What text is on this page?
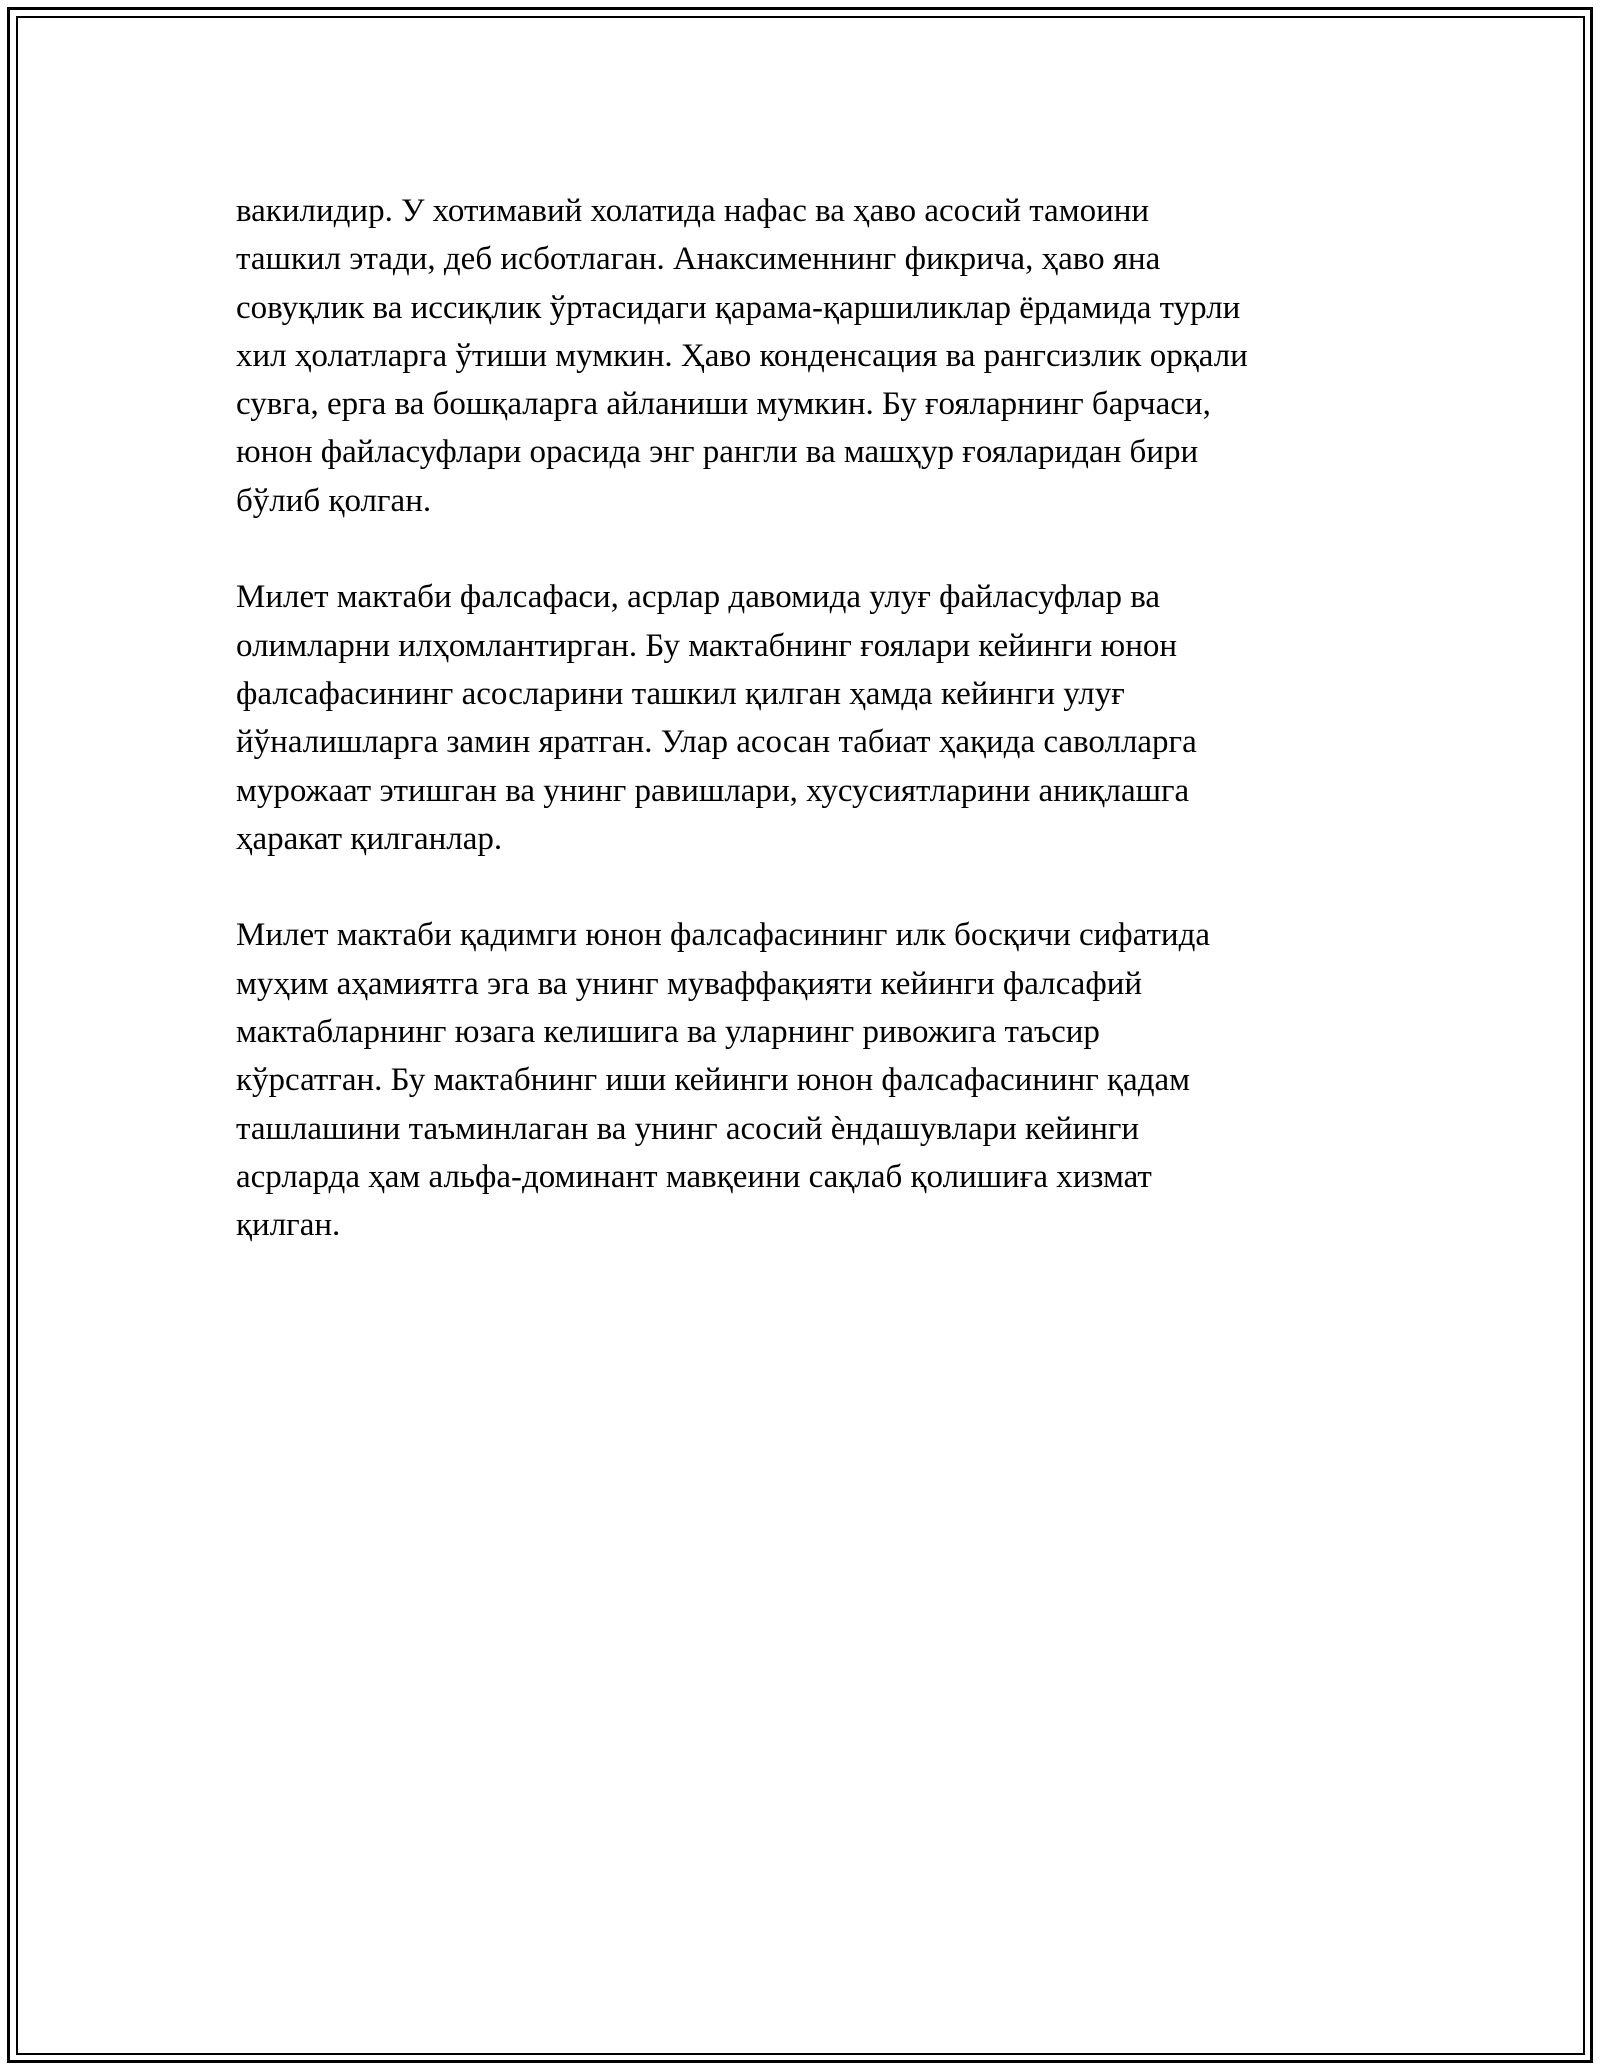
вакилидир. У хотимавий холатида нафас ва ҳаво асосий тамоини
ташкил этади, деб исботлаган. Анаксименнинг фикрича, ҳаво яна
совуқлик ва иссиқлик ўртасидаги қарама-қаршиликлар ёрдамида турли
хил ҳолатларга ўтиши мумкин. Ҳаво конденсация ва рангсизлик орқали
сувга, ерга ва бошқаларга айланиши мумкин. Бу ғояларнинг барчаси,
юнон файласуфлари орасида энг рангли ва машҳур ғояларидан бири
бўлиб қолган.

Милет мактаби фалсафаси, асрлар давомида улуғ файласуфлар ва
олимларни илҳомлантирган. Бу мактабнинг ғоялари кейинги юнон
фалсафасининг асосларини ташкил қилган ҳамда кейинги улуғ
йўналишларга замин яратган. Улар асосан табиат ҳақида саволларга
мурожаат этишган ва унинг равишлари, хусусиятларини аниқлашга
ҳаракат қилганлар.

Милет мактаби қадимги юнон фалсафасининг илк босқичи сифатида
муҳим аҳамиятга эга ва унинг муваффақияти кейинги фалсафий
мактабларнинг юзага келишига ва уларнинг ривожига таъсир
кўрсатган. Бу мактабнинг иши кейинги юнон фалсафасининг қадам
ташлашини таъминлаган ва унинг асосий ѐндашувлари кейинги
асрларда ҳам альфа-доминант мавқеини сақлаб қолишиға хизмат
қилган.
